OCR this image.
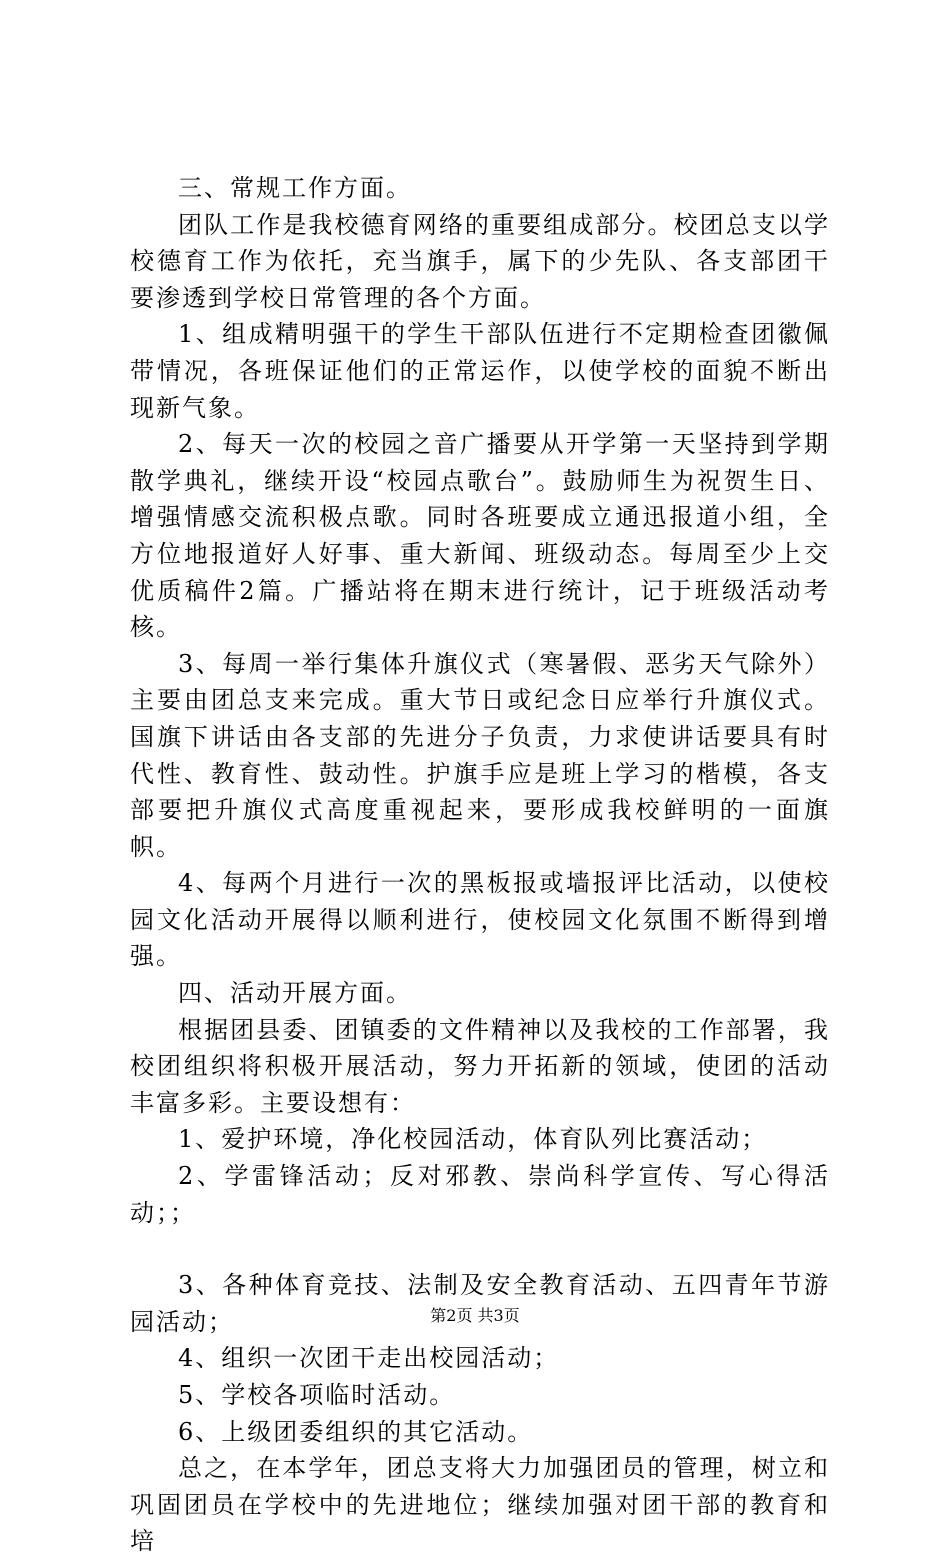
三、常规工作方面。

团队工作是我校德育网络的重要组成部分。校团总支以学校德育工作为依托，充当旗手，属下的少先队、各支部团干要渗透到学校日常管理的各个方面。

1、组成精明强干的学生干部队伍进行不定期检查团徽佩带情况，各班保证他们的正常运作，以使学校的面貌不断出现新气象。

2、每天一次的校园之音广播要从开学第一天坚持到学期散学典礼，继续开设“校园点歌台”。鼓励师生为祝贺生日、增强情感交流积极点歌。同时各班要成立通迅报道小组，全方位地报道好人好事、重大新闻、班级动态。每周至少上交优质稿件2篇。广播站将在期末进行统计，记于班级活动考核。

3、每周一举行集体升旗仪式（寒暑假、恶劣天气除外）主要由团总支来完成。重大节日或纪念日应举行升旗仪式。国旗下讲话由各支部的先进分子负责，力求使讲话要具有时代性、教育性、鼓动性。护旗手应是班上学习的楷模，各支部要把升旗仪式高度重视起来，要形成我校鲜明的一面旗帜。

4、每两个月进行一次的黑板报或墙报评比活动，以使校园文化活动开展得以顺利进行，使校园文化氛围不断得到增强。

四、活动开展方面。

根据团县委、团镇委的文件精神以及我校的工作部署，我校团组织将积极开展活动，努力开拓新的领域，使团的活动丰富多彩。主要设想有：

1、爱护环境，净化校园活动，体育队列比赛活动；

2、学雷锋活动；反对邪教、崇尚科学宣传、写心得活动；；

3、各种体育竞技、法制及安全教育活动、五四青年节游园活动；

4、组织一次团干走出校园活动；

5、学校各项临时活动。

6、上级团委组织的其它活动。

总之，在本学年，团总支将大力加强团员的管理，树立和巩固团员在学校中的先进地位；继续加强对团干部的教育和培

第2页 共3页
